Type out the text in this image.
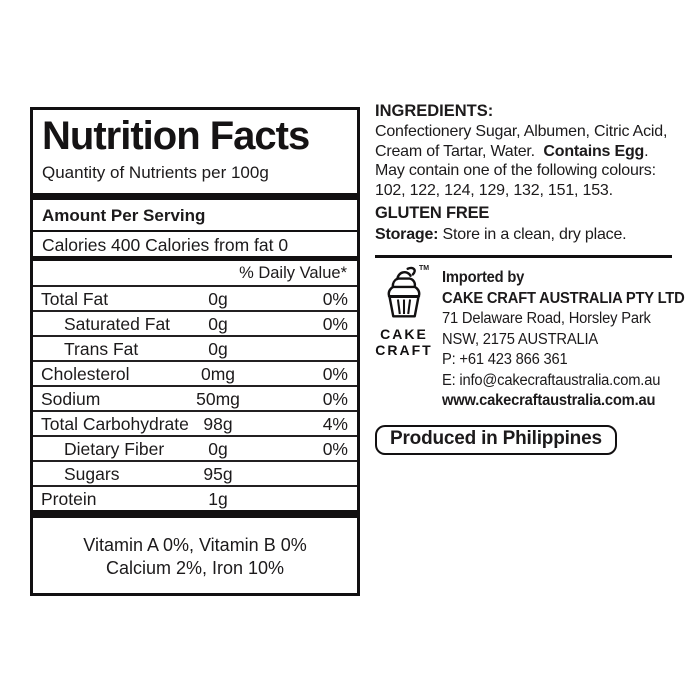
Nutrition Facts
Quantity of Nutrients per 100g
Amount Per Serving
Calories 400 Calories from fat 0
% Daily Value*
Total Fat	0g	0%
Saturated Fat	0g	0%
Trans Fat	0g
Cholesterol	0mg	0%
Sodium	50mg	0%
Total Carbohydrate 98g	4%
Dietary Fiber	0g	0%
Sugars	95g
Protein	1g
Vitamin A 0%, Vitamin B 0%
Calcium 2%, Iron 10%
INGREDIENTS:
Confectionery Sugar, Albumen, Citric Acid,
Cream of Tartar, Water.  Contains Egg.
May contain one of the following colours:
102, 122, 124, 129, 132, 151, 153.
GLUTEN FREE
Storage: Store in a clean, dry place.
TM
CAKE
CRAFT
Imported by
CAKE CRAFT AUSTRALIA PTY LTD
71 Delaware Road, Horsley Park
NSW, 2175 AUSTRALIA
P: +61 423 866 361
E: info@cakecraftaustralia.com.au
www.cakecraftaustralia.com.au
Produced in Philippines
